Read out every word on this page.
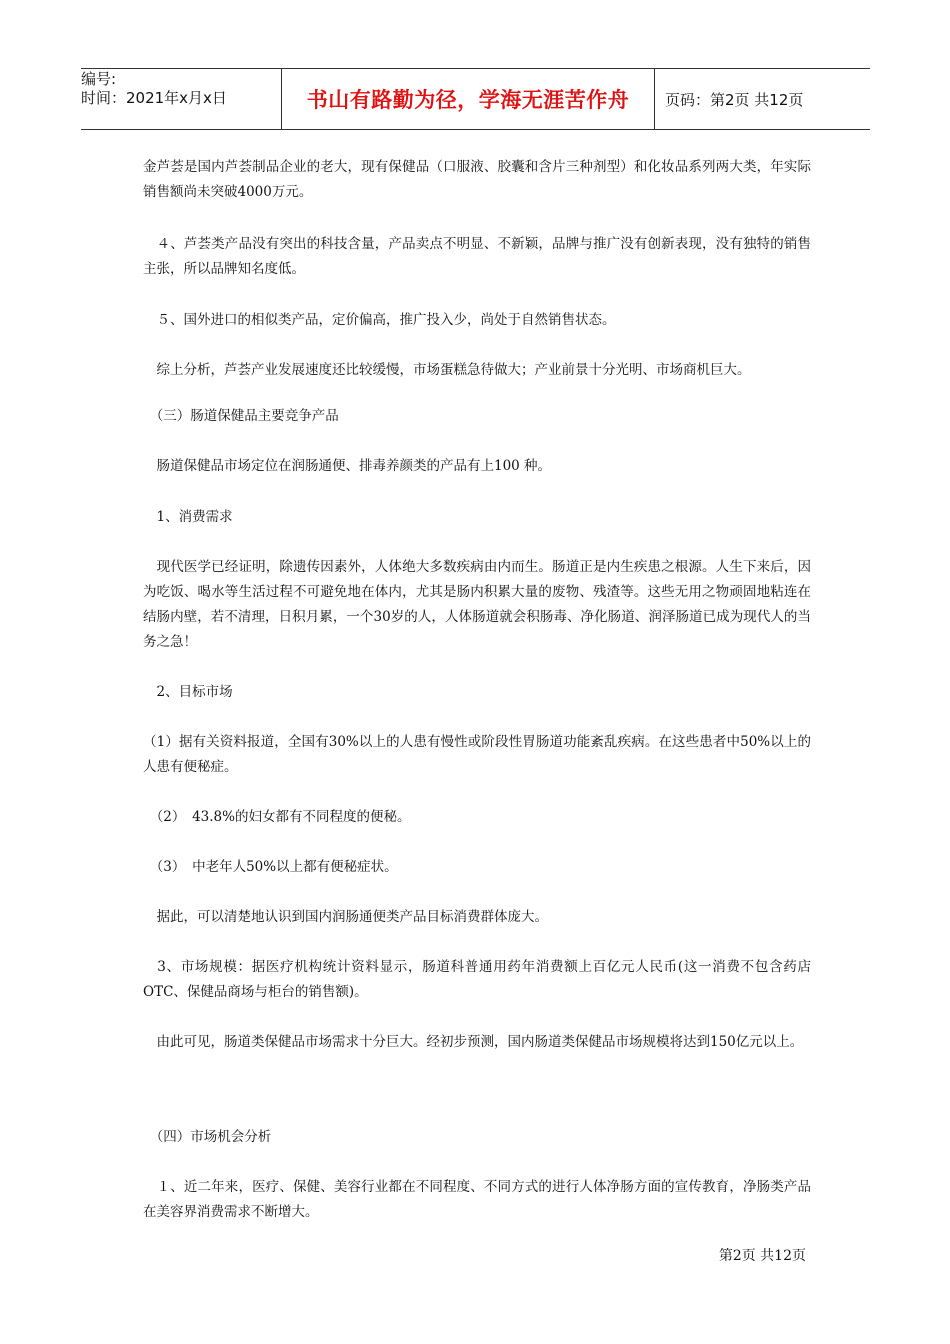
编号:
时间：2021年x月x日	书山有路勤为径，学海无涯苦作舟	页码：第2页 共12页

金芦荟是国内芦荟制品企业的老大，现有保健品（口服液、胶囊和含片三种剂型）和化妆品系列两大类，年实际销售额尚未突破4000万元。

　４、芦荟类产品没有突出的科技含量，产品卖点不明显、不新颖，品牌与推广没有创新表现，没有独特的销售主张，所以品牌知名度低。

　５、国外进口的相似类产品，定价偏高，推广投入少，尚处于自然销售状态。

　综上分析，芦荟产业发展速度还比较缓慢，市场蛋糕急待做大；产业前景十分光明、市场商机巨大。

　（三）肠道保健品主要竞争产品

　肠道保健品市场定位在润肠通便、排毒养颜类的产品有上100 种。

　1、消费需求

　现代医学已经证明，除遗传因素外，人体绝大多数疾病由内而生。肠道正是内生疾患之根源。人生下来后，因为吃饭、喝水等生活过程不可避免地在体内，尤其是肠内积累大量的废物、残渣等。这些无用之物顽固地粘连在结肠内壁，若不清理，日积月累，一个30岁的人，人体肠道就会积肠毒、净化肠道、润泽肠道已成为现代人的当务之急！

　2、目标市场

（1）据有关资料报道，全国有30%以上的人患有慢性或阶段性胃肠道功能紊乱疾病。在这些患者中50%以上的人患有便秘症。

　（2）　43.8%的妇女都有不同程度的便秘。

　（3）　中老年人50%以上都有便秘症状。

　据此，可以清楚地认识到国内润肠通便类产品目标消费群体庞大。

　3、市场规模：据医疗机构统计资料显示，肠道科普通用药年消费额上百亿元人民币(这一消费不包含药店OTC、保健品商场与柜台的销售额)。

　由此可见，肠道类保健品市场需求十分巨大。经初步预测，国内肠道类保健品市场规模将达到150亿元以上。

　（四）市场机会分析

　１、近二年来，医疗、保健、美容行业都在不同程度、不同方式的进行人体净肠方面的宣传教育，净肠类产品在美容界消费需求不断增大。

第2页 共12页
